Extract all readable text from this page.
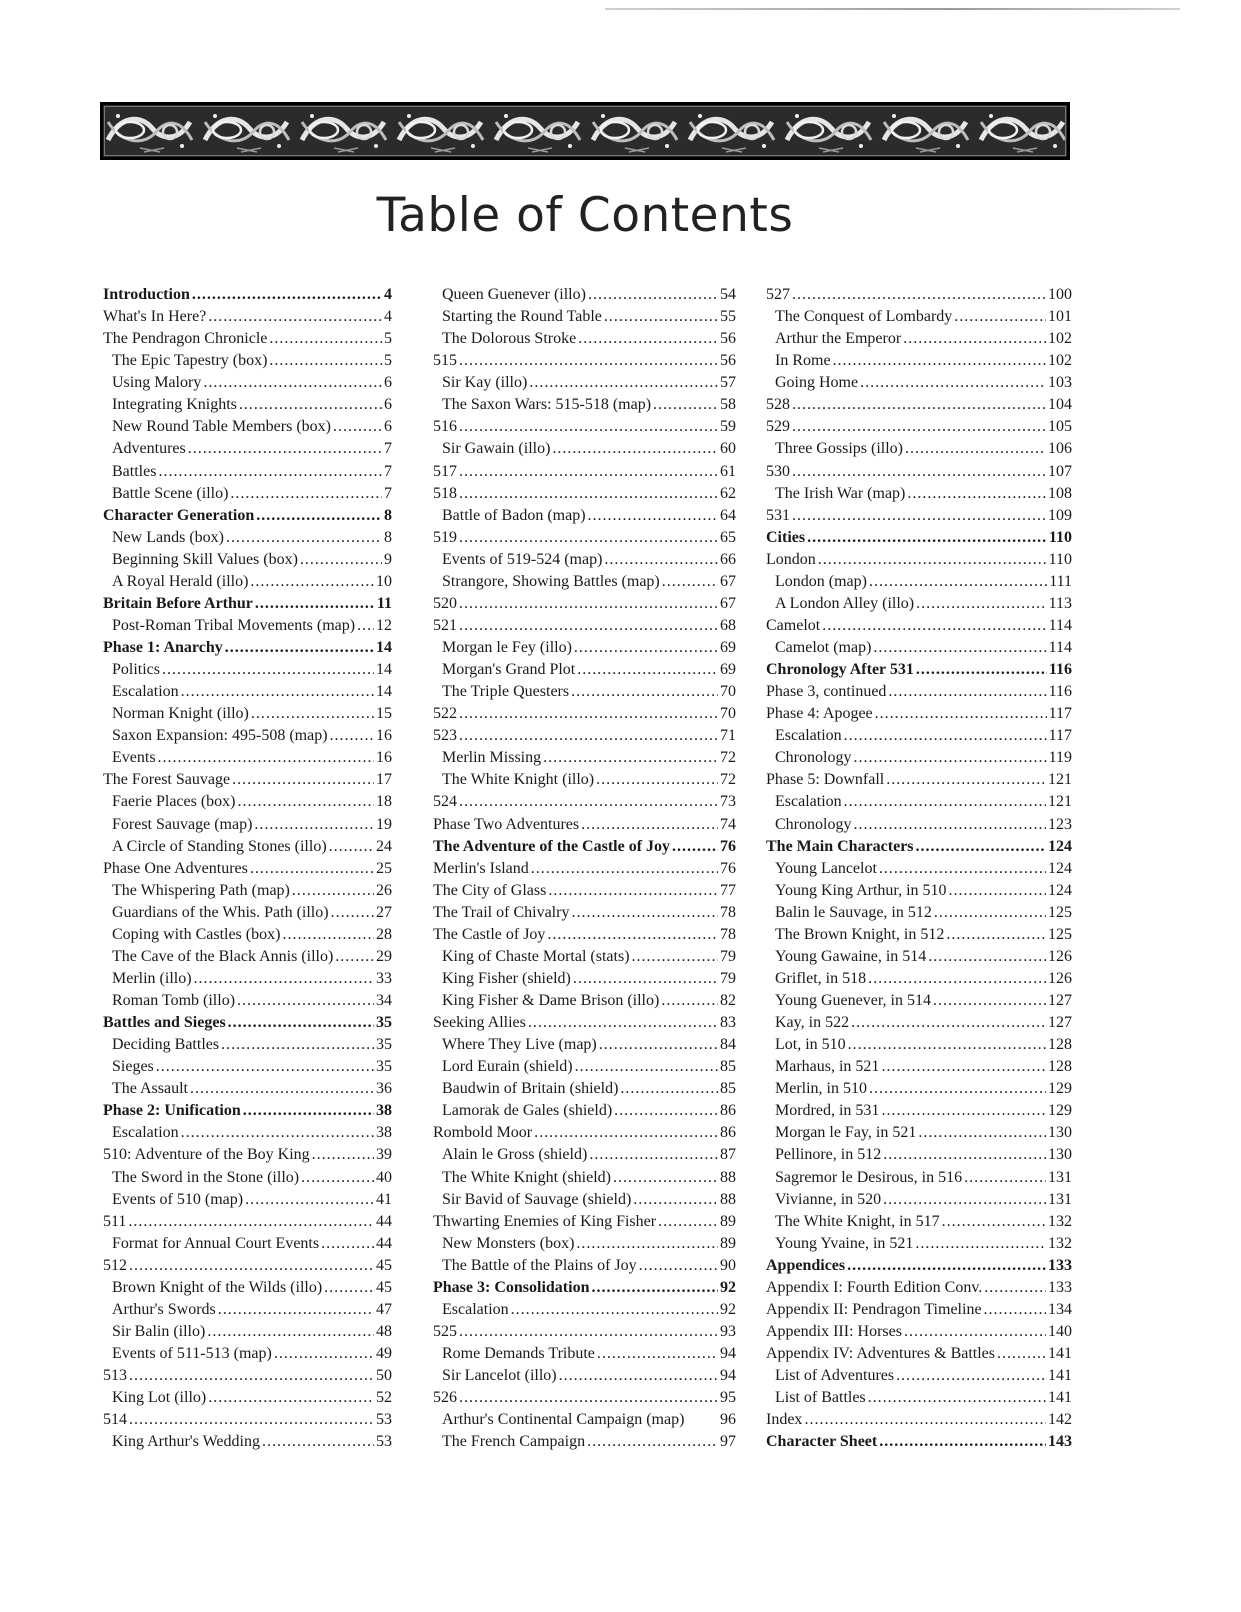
Table of Contents
Introduction .....	4
What's In Here? .....	4
The Pendragon Chronicle .....	5
The Epic Tapestry (box) .....	5
Using Malory .....	6
Integrating Knights .....	6
New Round Table Members (box) .....	6
Adventures .....	7
Battles .....	7
Battle Scene (illo) .....	7
Character Generation .....	8
New Lands (box) .....	8
Beginning Skill Values (box) .....	9
A Royal Herald (illo) .....	10
Britain Before Arthur .....	11
Post-Roman Tribal Movements (map) ..... 12
Phase 1: Anarchy .....	14
Politics .....	14
Escalation .....	14
Norman Knight (illo) .....	15
Saxon Expansion: 495-508 (map) .....	16
Events .....	16
The Forest Sauvage .....	17
Faerie Places (box) .....	18
Forest Sauvage (map) .....	19
A Circle of Standing Stones (illo) .....	24
Phase One Adventures .....	25
The Whispering Path (map) .....	26
Guardians of the Whis. Path (illo) .....	27
Coping with Castles (box) .....	28
The Cave of the Black Annis (illo) .....	29
Merlin (illo) .....	33
Roman Tomb (illo) .....	34
Battles and Sieges .....	35
Deciding Battles .....	35
Sieges .....	35
The Assault .....	36
Phase 2: Unification .....	38
Escalation .....	38
510: Adventure of the Boy King .....	39
The Sword in the Stone (illo) .....	40
Events of 510 (map) .....	41
511 .....	44
Format for Annual Court Events .....	44
512 .....	45
Brown Knight of the Wilds (illo) .....	45
Arthur's Swords .....	47
Sir Balin (illo) .....	48
Events of 511-513 (map) .....	49
513 .....	50
King Lot (illo) .....	52
514 .....	53
King Arthur's Wedding .....	53
Queen Guenever (illo) .....	54
Starting the Round Table .....	55
The Dolorous Stroke .....	56
515 .....	56
Sir Kay (illo) .....	57
The Saxon Wars: 515-518 (map) .....	58
516 .....	59
Sir Gawain (illo) .....	60
517 .....	61
518 .....	62
Battle of Badon (map) .....	64
519 .....	65
Events of 519-524 (map) .....	66
Strangore, Showing Battles (map) .....	67
520 .....	67
521 .....	68
Morgan le Fey (illo) .....	69
Morgan's Grand Plot .....	69
The Triple Questers .....	70
522 .....	70
523 .....	71
Merlin Missing .....	72
The White Knight (illo) .....	72
524 .....	73
Phase Two Adventures .....	74
The Adventure of the Castle of Joy .....	76
Merlin's Island .....	76
The City of Glass .....	77
The Trail of Chivalry .....	78
The Castle of Joy .....	78
King of Chaste Mortal (stats) .....	79
King Fisher (shield) .....	79
King Fisher & Dame Brison (illo) .....	82
Seeking Allies .....	83
Where They Live (map) .....	84
Lord Eurain (shield) .....	85
Baudwin of Britain (shield) .....	85
Lamorak de Gales (shield) .....	86
Rombold Moor .....	86
Alain le Gross (shield) .....	87
The White Knight (shield) .....	88
Sir Bavid of Sauvage (shield) .....	88
Thwarting Enemies of King Fisher .....	89
New Monsters (box) .....	89
The Battle of the Plains of Joy .....	90
Phase 3: Consolidation .....	92
Escalation .....	92
525 .....	93
Rome Demands Tribute .....	94
Sir Lancelot (illo) .....	94
526 .....	95
Arthur's Continental Campaign (map) 96
The French Campaign .....	97
527 .....	100
The Conquest of Lombardy .....	101
Arthur the Emperor .....	102
In Rome .....	102
Going Home .....	103
528 .....	104
529 .....	105
Three Gossips (illo) .....	106
530 .....	107
The Irish War (map) .....	108
531 .....	109
Cities .....	110
London .....	110
London (map) .....	111
A London Alley (illo) .....	113
Camelot .....	114
Camelot (map) .....	114
Chronology After 531 .....	116
Phase 3, continued .....	116
Phase 4: Apogee .....	117
Escalation .....	117
Chronology .....	119
Phase 5: Downfall .....	121
Escalation .....	121
Chronology .....	123
The Main Characters .....	124
Young Lancelot .....	124
Young King Arthur, in 510 .....	124
Balin le Sauvage, in 512 .....	125
The Brown Knight, in 512 .....	125
Young Gawaine, in 514 .....	126
Griflet, in 518 .....	126
Young Guenever, in 514 .....	127
Kay, in 522 .....	127
Lot, in 510 .....	128
Marhaus, in 521 .....	128
Merlin, in 510 .....	129
Mordred, in 531 .....	129
Morgan le Fay, in 521 .....	130
Pellinore, in 512 .....	130
Sagremor le Desirous, in 516 .....	131
Vivianne, in 520 .....	131
The White Knight, in 517 .....	132
Young Yvaine, in 521 .....	132
Appendices .....	133
Appendix I: Fourth Edition Conv. .....	133
Appendix II: Pendragon Timeline .....	134
Appendix III: Horses .....	140
Appendix IV: Adventures & Battles .....	141
List of Adventures .....	141
List of Battles .....	141
Index .....	142
Character Sheet .....	143
